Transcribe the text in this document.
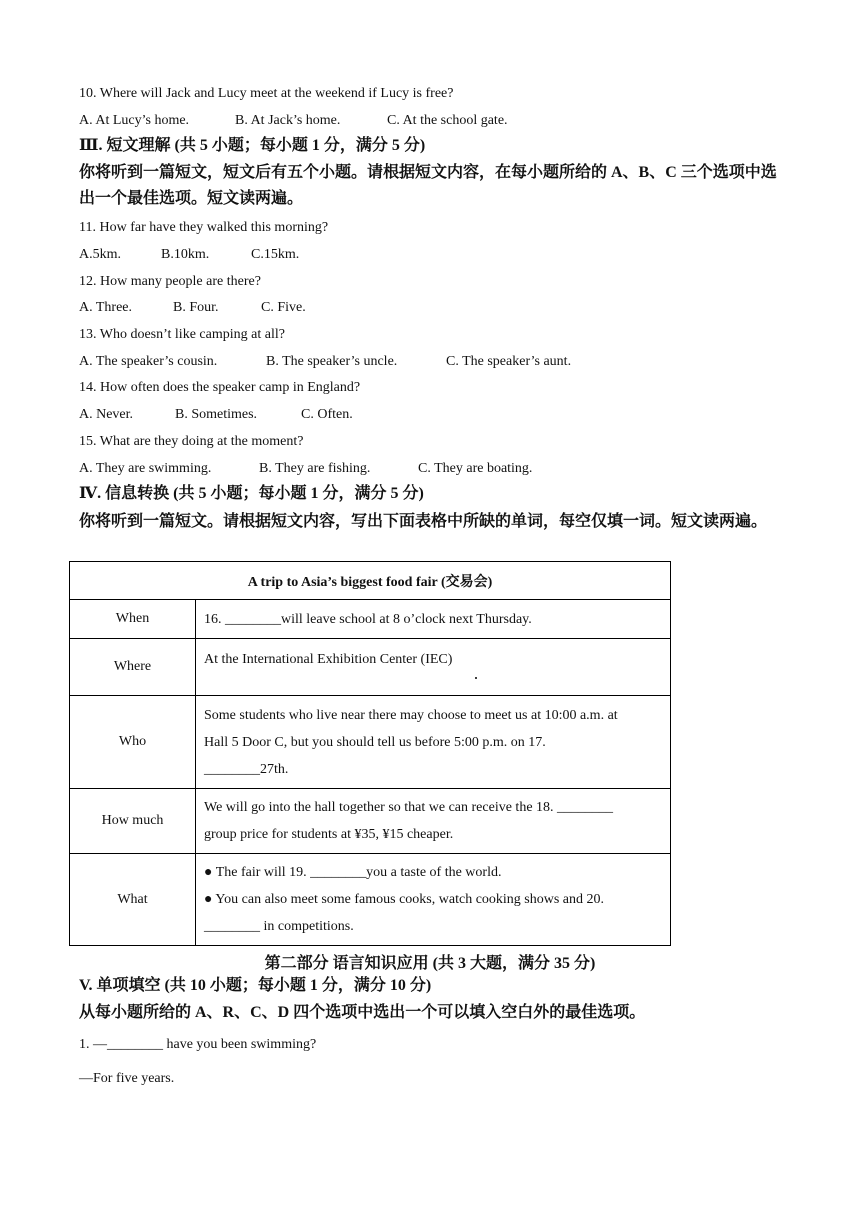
10. Where will Jack and Lucy meet at the weekend if Lucy is free?
A. At Lucy’s home.	B. At Jack’s home.	C. At the school gate.
Ⅲ. 短文理解 (共 5 小题；每小题 1 分，满分 5 分)
你将听到一篇短文，短文后有五个小题。请根据短文内容，在每小题所给的 A、B、C 三个选项中选出一个最佳选项。短文读两遍。
11. How far have they walked this morning?
A.5km.	B.10km.	C.15km.
12. How many people are there?
A. Three.	B. Four.	C. Five.
13. Who doesn’t like camping at all?
A. The speaker’s cousin.	B. The speaker’s uncle.	C. The speaker’s aunt.
14. How often does the speaker camp in England?
A. Never.	B. Sometimes.	C. Often.
15. What are they doing at the moment?
A. They are swimming.	B. They are fishing.	C. They are boating.
Ⅳ. 信息转换 (共 5 小题；每小题 1 分，满分 5 分)
你将听到一篇短文。请根据短文内容，写出下面表格中所缺的单词，每空仅填一词。短文读两遍。
A trip to Asia’s biggest food fair (交易会)	
When	16. ________will leave school at 8 o’clock next Thursday.

Where	At the International Exhibition Center (IEC)

Who	Some students who live near there may choose to meet us at 10:00 a.m. at
Hall 5 Door C, but you should tell us before 5:00 p.m. on 17.
________27th.

How much	We will go into the hall together so that we can receive the 18. ________
group price for students at ¥35, ¥15 cheaper.

What	● The fair will 19. ________you a taste of the world.
● You can also meet some famous cooks, watch cooking shows and 20.
________ in competitions.
第二部分 语言知识应用 (共 3 大题，满分 35 分)
V. 单项填空 (共 10 小题；每小题 1 分，满分 10 分)
从每小题所给的 A、R、C、D 四个选项中选出一个可以填入空白外的最佳选项。
1. —________ have you been swimming?
—For five years.
